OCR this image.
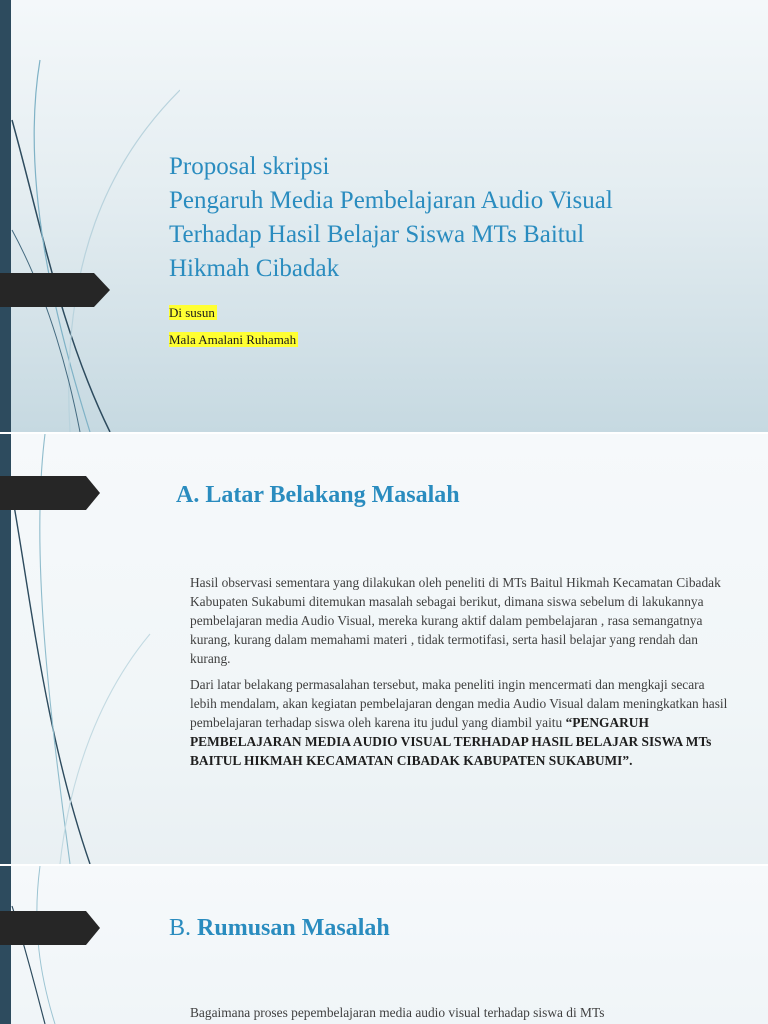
Proposal skripsi
Pengaruh Media Pembelajaran Audio Visual
Terhadap Hasil Belajar Siswa MTs Baitul
Hikmah Cibadak
Di susun
Mala Amalani Ruhamah
A. Latar Belakang Masalah
Hasil observasi sementara yang dilakukan oleh peneliti di MTs Baitul Hikmah Kecamatan Cibadak Kabupaten Sukabumi ditemukan masalah sebagai berikut, dimana siswa sebelum di lakukannya pembelajaran media Audio Visual, mereka kurang aktif dalam pembelajaran , rasa semangatnya kurang, kurang dalam memahami materi , tidak termotifasi, serta hasil belajar yang rendah dan kurang.
Dari latar belakang permasalahan tersebut, maka peneliti ingin mencermati dan mengkaji secara lebih mendalam, akan kegiatan pembelajaran dengan media Audio Visual dalam meningkatkan hasil pembelajaran terhadap siswa oleh karena itu judul yang diambil yaitu “PENGARUH PEMBELAJARAN MEDIA AUDIO VISUAL TERHADAP HASIL BELAJAR SISWA MTs BAITUL HIKMAH KECAMATAN CIBADAK KABUPATEN SUKABUMI”.
B. Rumusan Masalah
Bagaimana proses pepembelajaran media audio visual terhadap siswa di MTs
